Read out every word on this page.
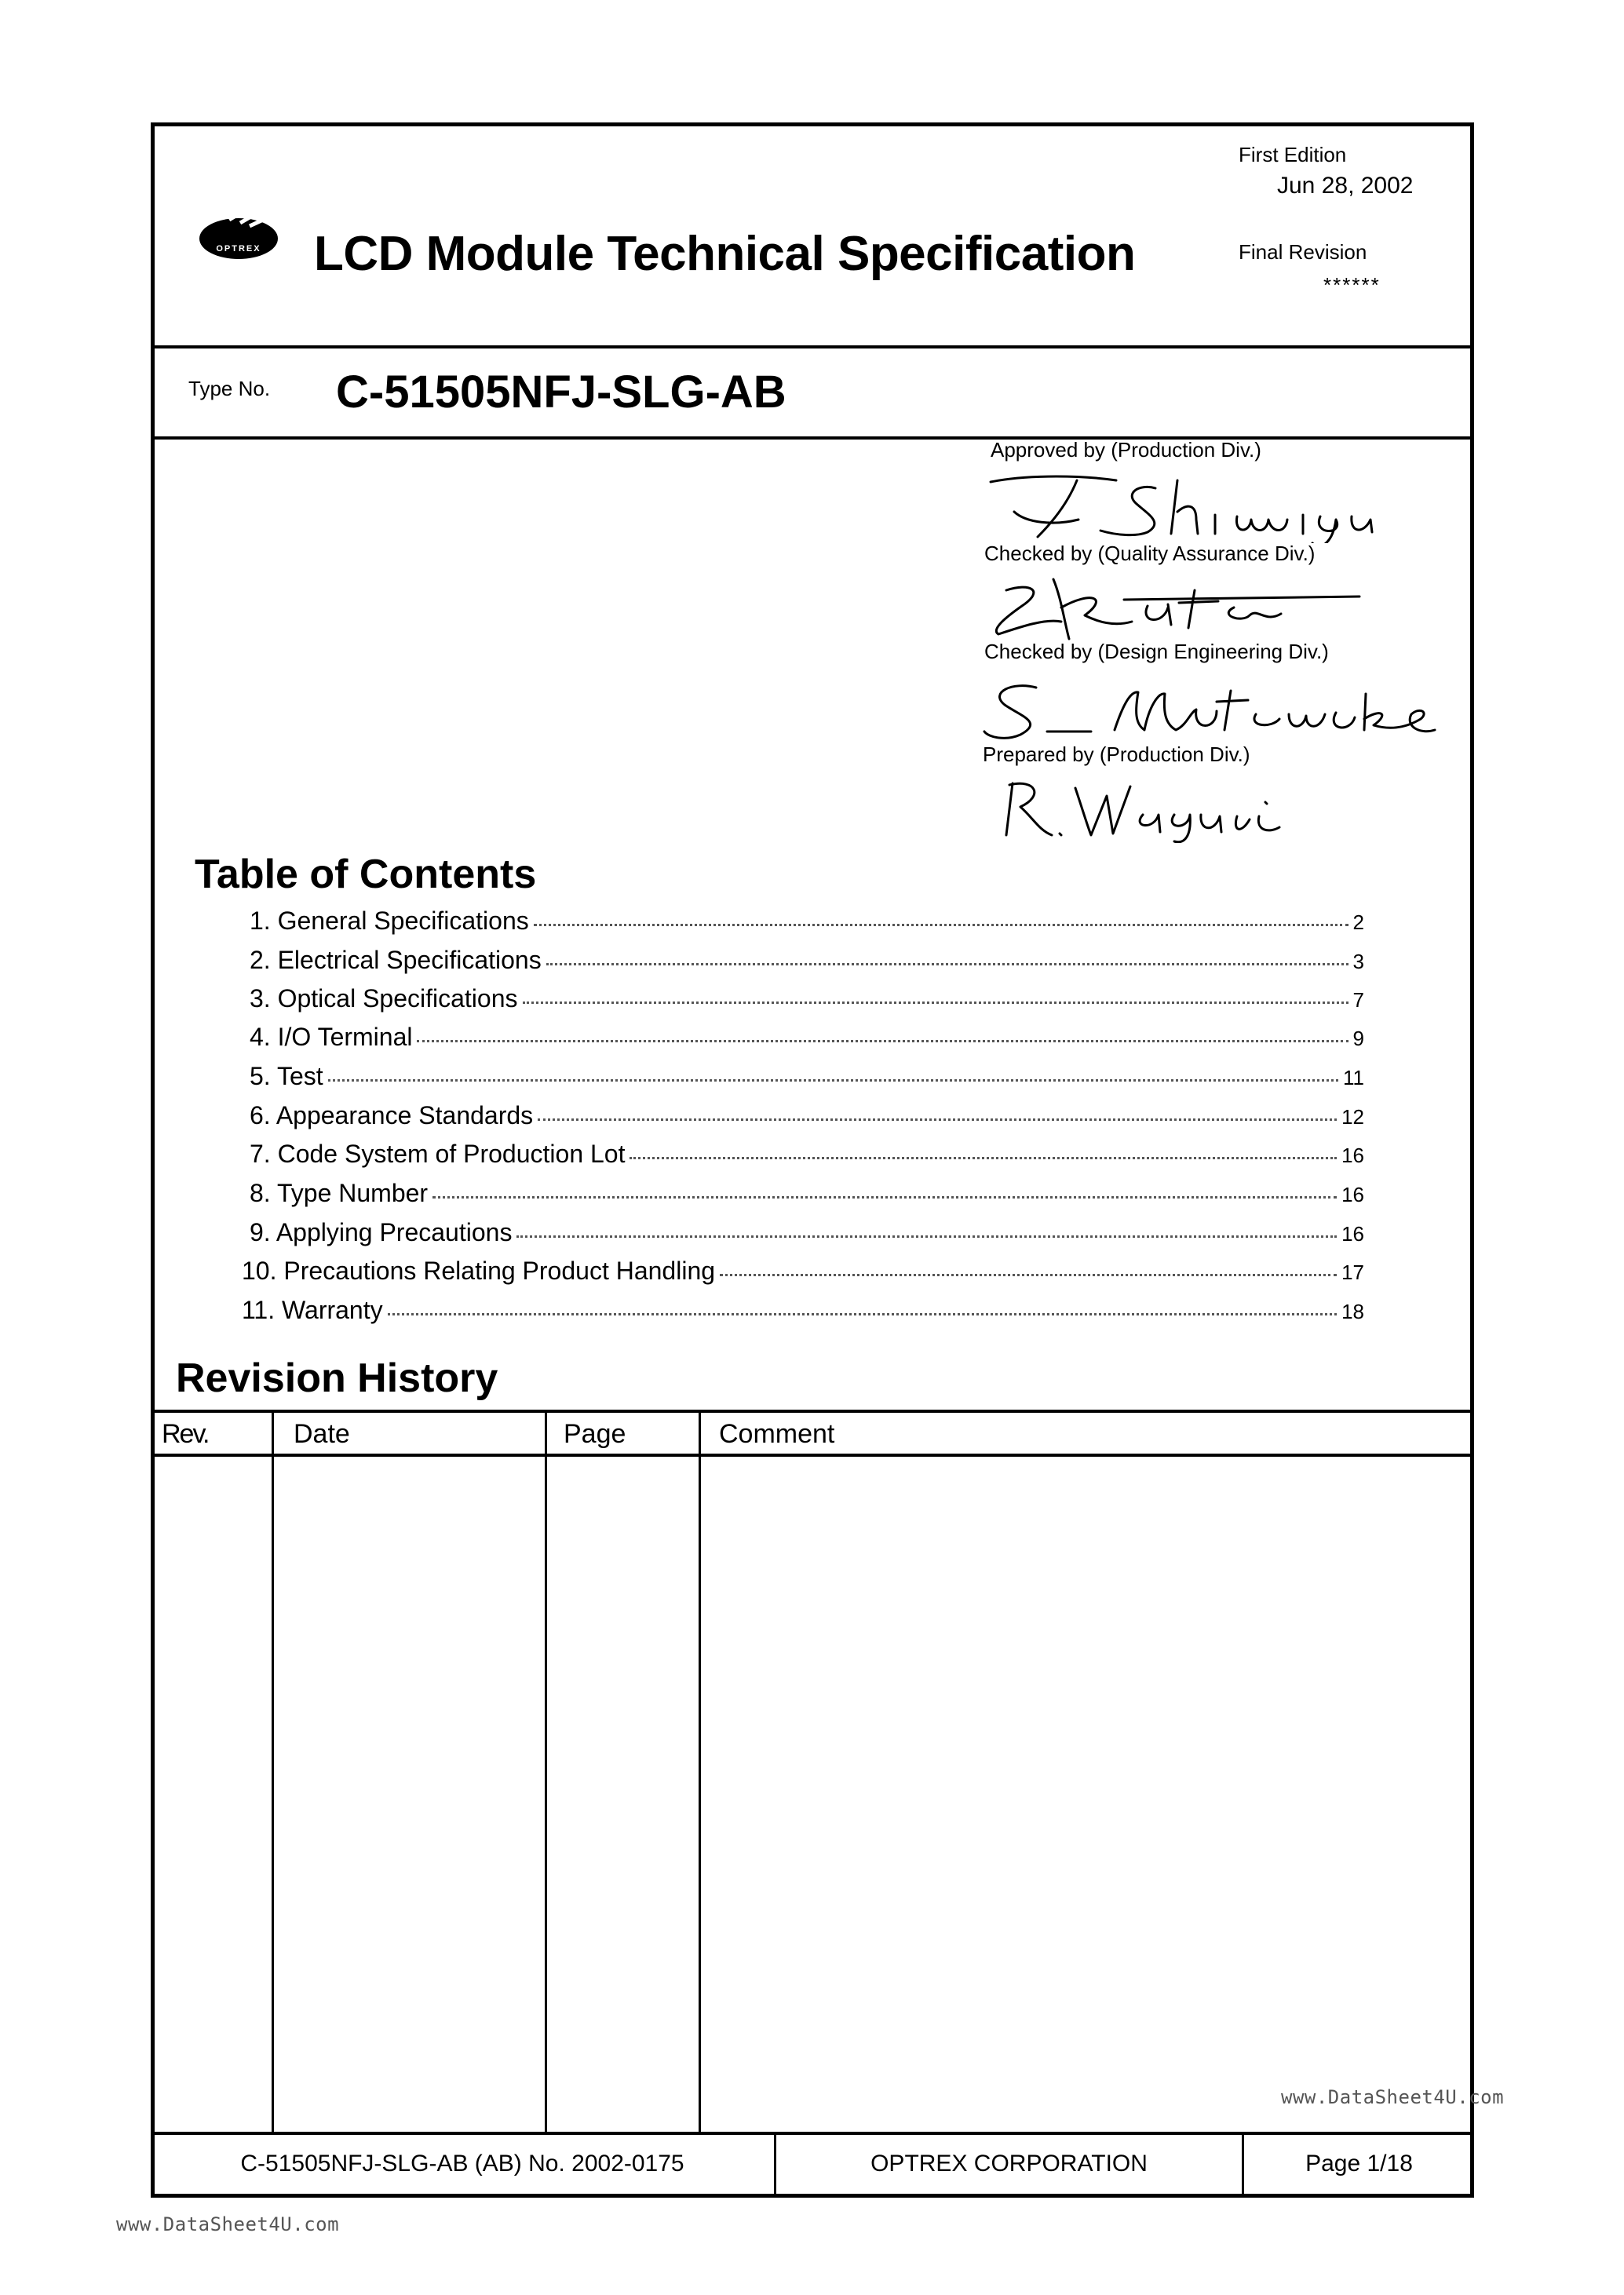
First Edition
Jun 28, 2002
Final Revision
******
OPTREX LCD Module Technical Specification
Type No. C-51505NFJ-SLG-AB
Approved by (Production Div.)
Checked by (Quality Assurance Div.)
Checked by (Design Engineering Div.)
Prepared by (Production Div.)
Table of Contents
1. General Specifications	2
2. Electrical Specifications	3
3. Optical Specifications	7
4. I/O Terminal	9
5. Test	11
6. Appearance Standards	12
7. Code System of Production Lot	16
8. Type Number	16
9. Applying Precautions	16
10. Precautions Relating Product Handling	17
11. Warranty	18
Revision History
Rev.	Date	Page	Comment
www.DataSheet4U.com
C-51505NFJ-SLG-AB (AB) No. 2002-0175	OPTREX CORPORATION	Page 1/18
www.DataSheet4U.com
